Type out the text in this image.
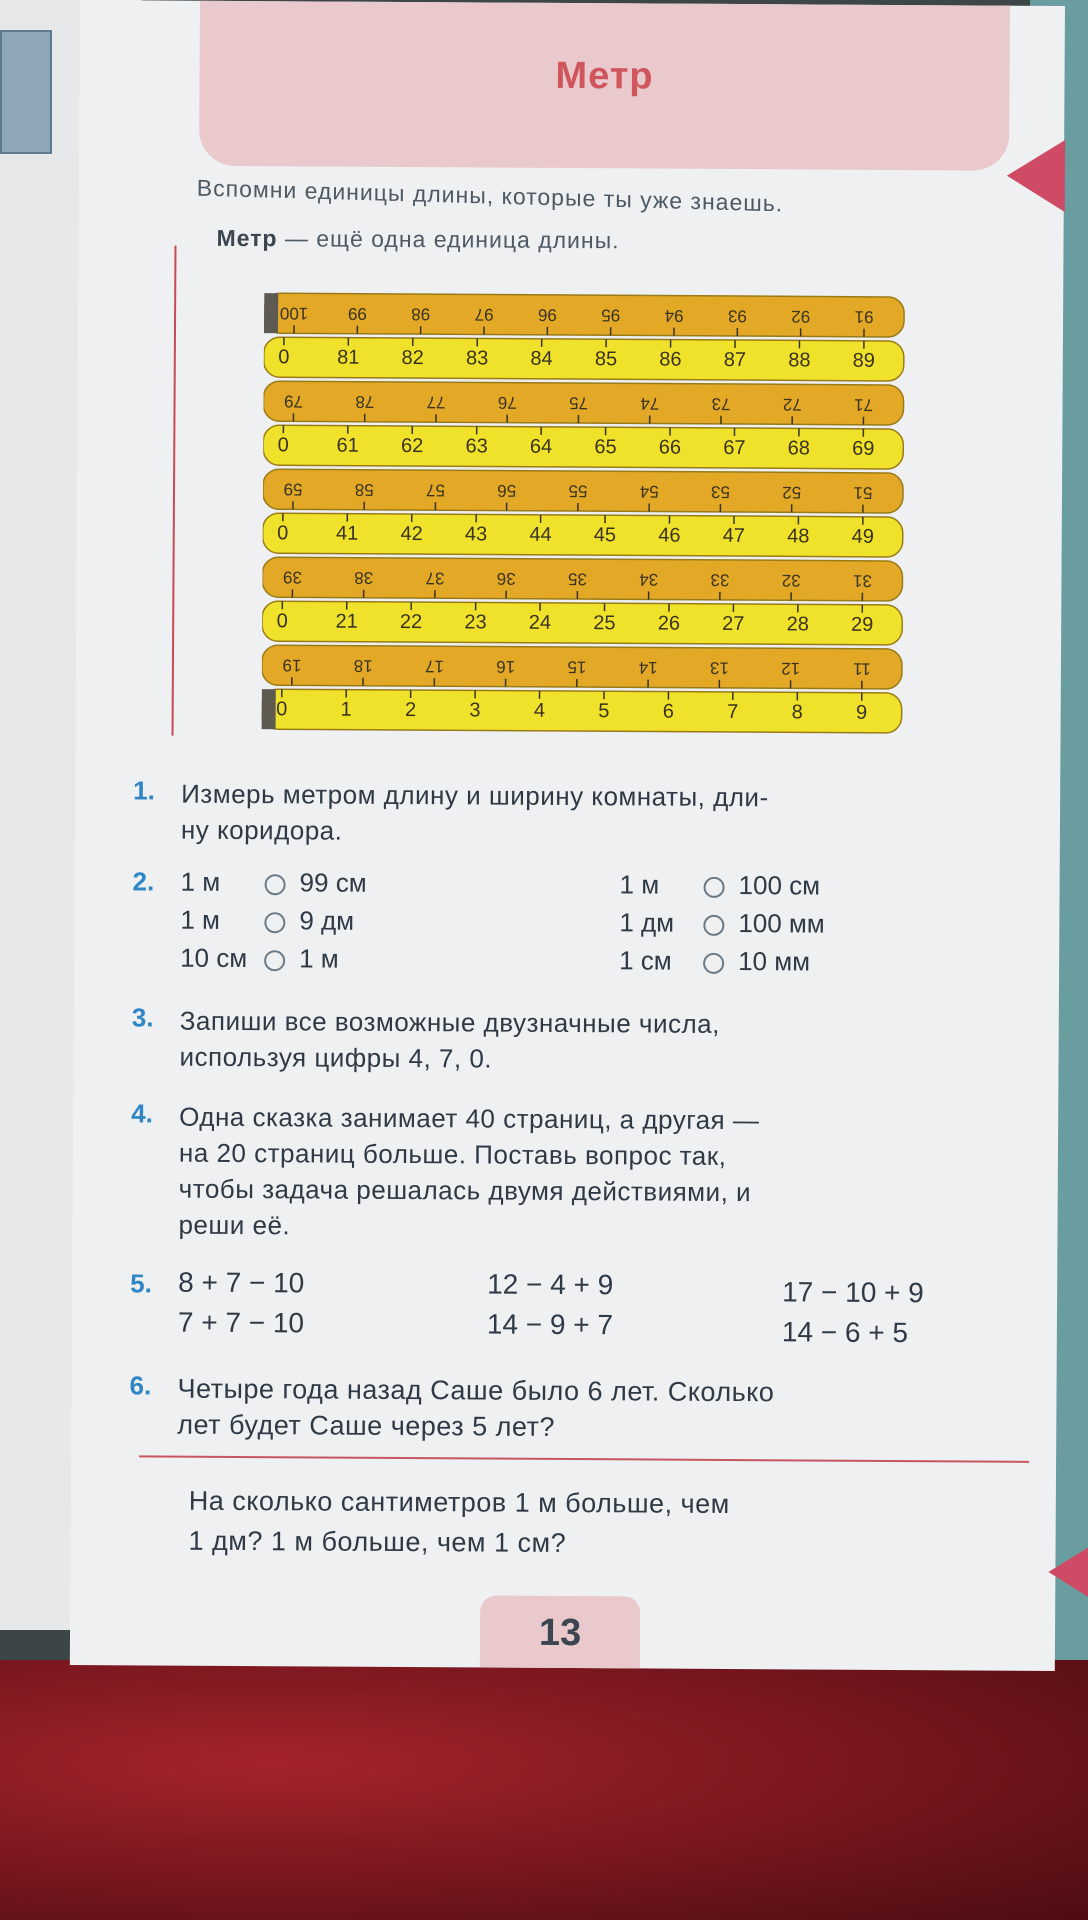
Метр
Вспомни единицы длины, которые ты уже знаешь.
Метр — ещё одна единица длины.
100 99	98	97	96	95	94	93	92	91
0 81 82 83 84 85 86 87 88 89
79	78	77	76	75	74	73	72	71
0 61 62 63 64 65 66 67 68 69
59	58	57	56	55	54	53	52	51
0 41 42 43 44 45 46 47 48 49
39	38	37	36	35	34	33	32	31
0 21 22 23 24 25 26 27 28 29
19	18	17	16	15	14	13	12	11
0	1	2	3	4	5	6	7	8	9
1. Измерь метром длину и ширину комнаты, дли-
ну коридора.
2. 1 м	99 см
1 м	9 дм
10 см 1 м
1 м	100 см
1 дм 100 мм
1 см	10 мм
3. Запиши все возможные двузначные числа,
используя цифры 4, 7, 0.
4. Одна сказка занимает 40 страниц, а другая —
на 20 страниц больше. Поставь вопрос так,
чтобы задача решалась двумя действиями, и
реши её.
5. 8 + 7 − 10
7 + 7 − 10
12 − 4 + 9
14 − 9 + 7
17 − 10 + 9
14 − 6 + 5
6. Четыре года назад Саше было 6 лет. Сколько
лет будет Саше через 5 лет?
На сколько сантиметров 1 м больше, чем
1 дм? 1 м больше, чем 1 см?
13
